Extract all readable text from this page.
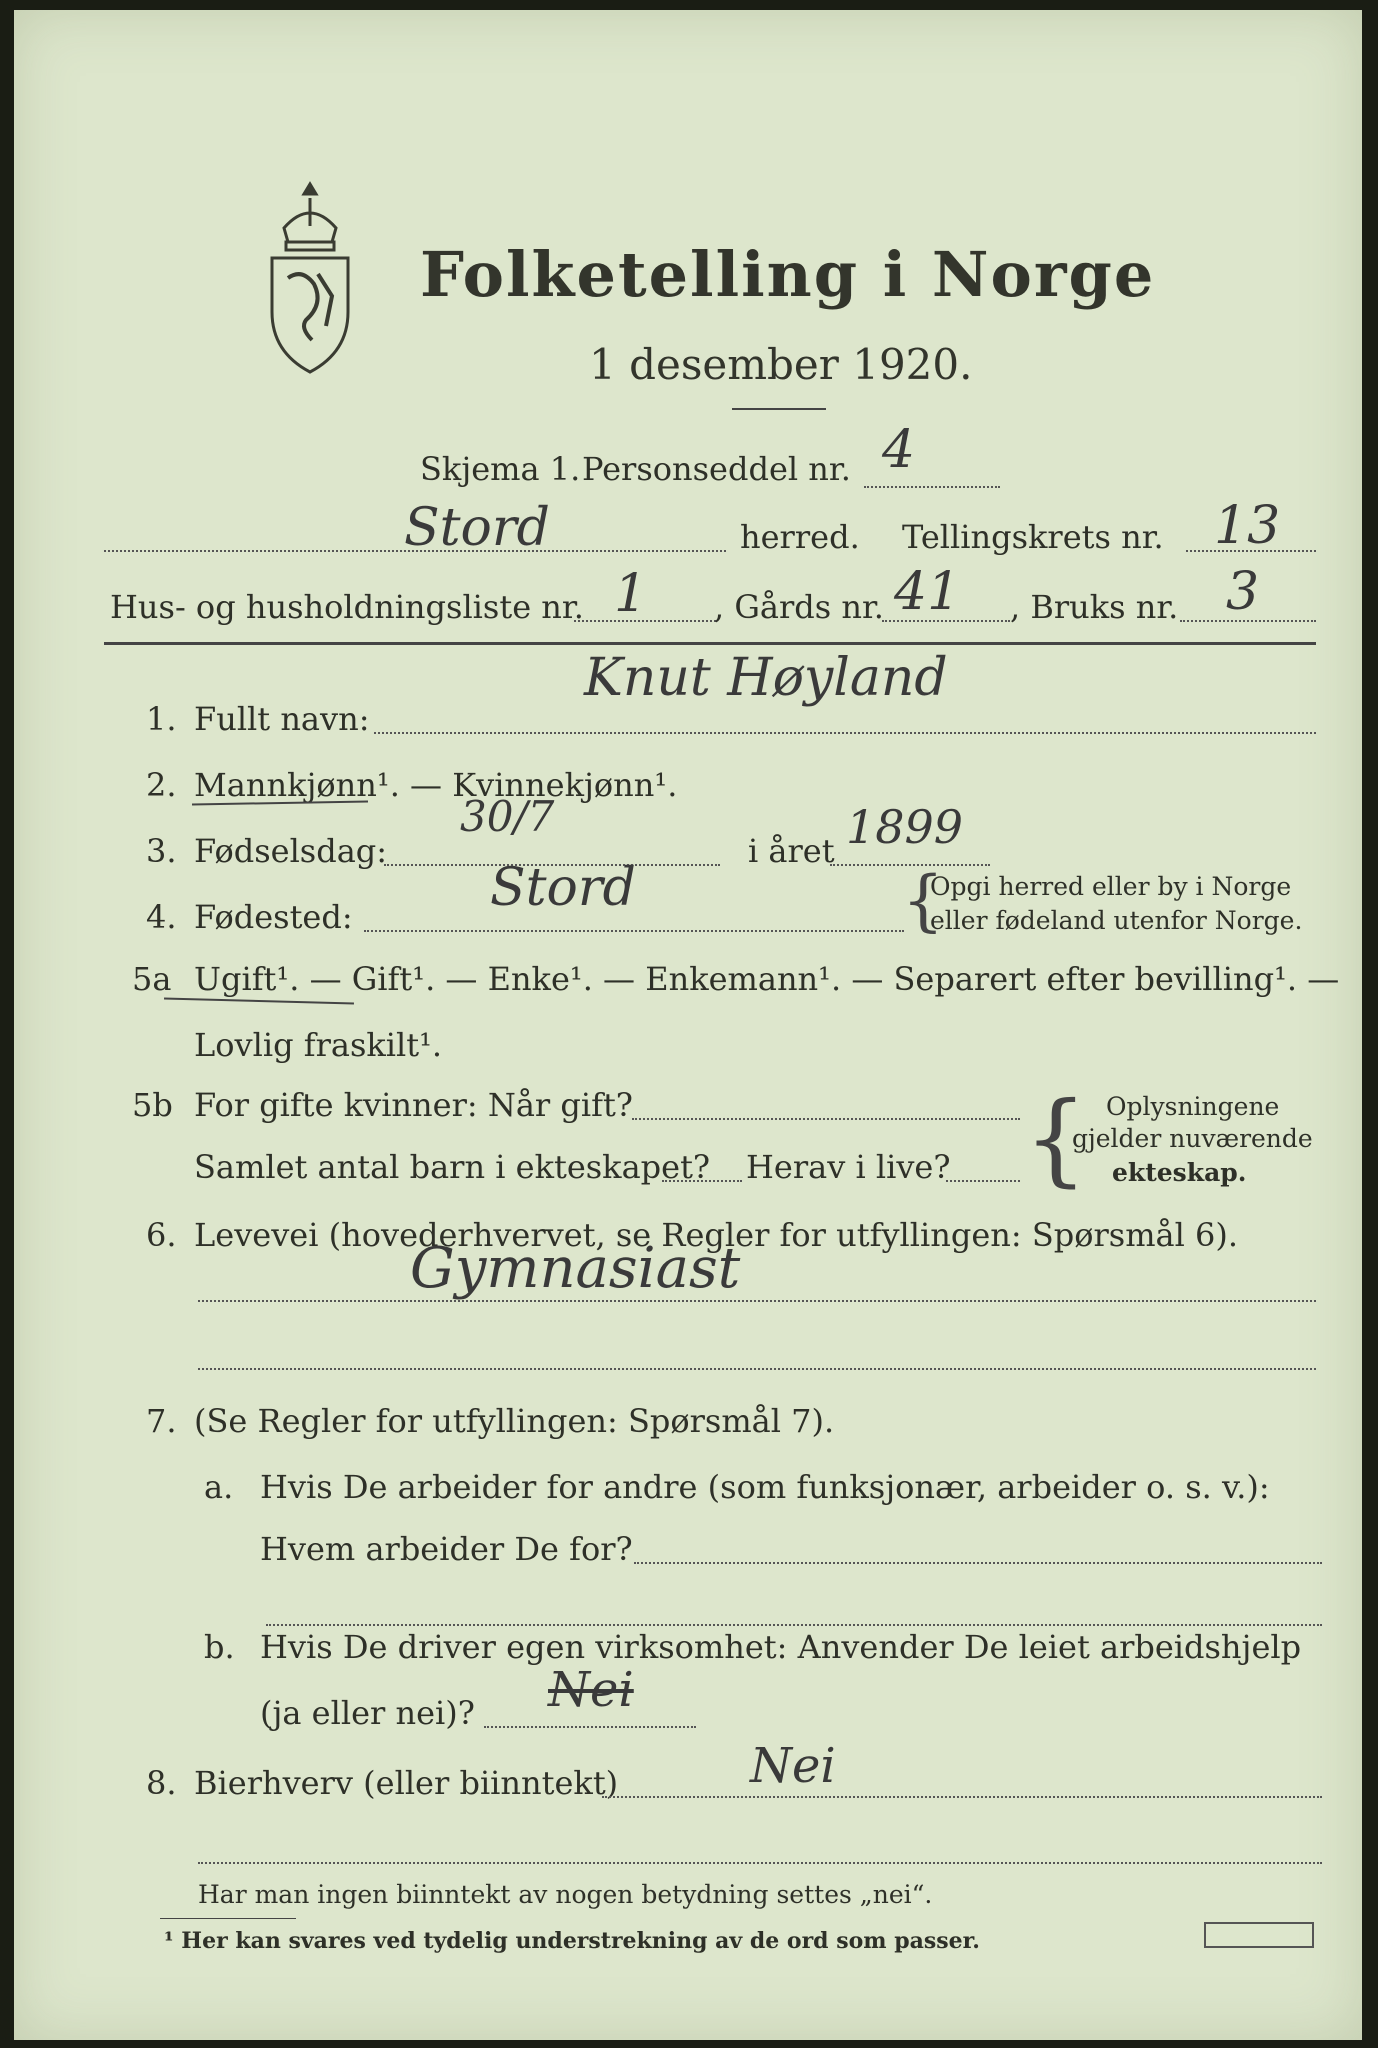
Folketelling i Norge
1 desember 1920.
Skjema 1. Personseddel nr. 4
Stord	herred. Tellingskrets nr. 13
Hus- og husholdningsliste nr. 1 , Gårds nr. 41 , Bruks nr. 3
1. Fullt navn:
Knut Høyland
2. Mannkjønn¹. — Kvinnekjønn¹.
3. Fødselsdag:
30/7
i året 1899
4. Fødested:	Stord	{
Opgi herred eller by i Norge
eller fødeland utenfor Norge.
5a Ugift¹. — Gift¹. — Enke¹. — Enkemann¹. — Separert efter bevilling¹. —
Lovlig fraskilt¹.
5b For gifte kvinner: Når gift?
Samlet antal barn i ekteskapet? Herav i live? { Oplysningene
gjelder nuværende
ekteskap.
6. Levevei (hovederhvervet, se Regler for utfyllingen: Spørsmål 6).
Gymnasiast
7. (Se Regler for utfyllingen: Spørsmål 7).
a. Hvis De arbeider for andre (som funksjonær, arbeider o. s. v.):
Hvem arbeider De for?
b. Hvis De driver egen virksomhet: Anvender De leiet arbeidshjelp
(ja eller nei)? Nei
8. Bierhverv (eller biinntekt)	Nei
Har man ingen biinntekt av nogen betydning settes „nei“.
¹ Her kan svares ved tydelig understrekning av de ord som passer.
